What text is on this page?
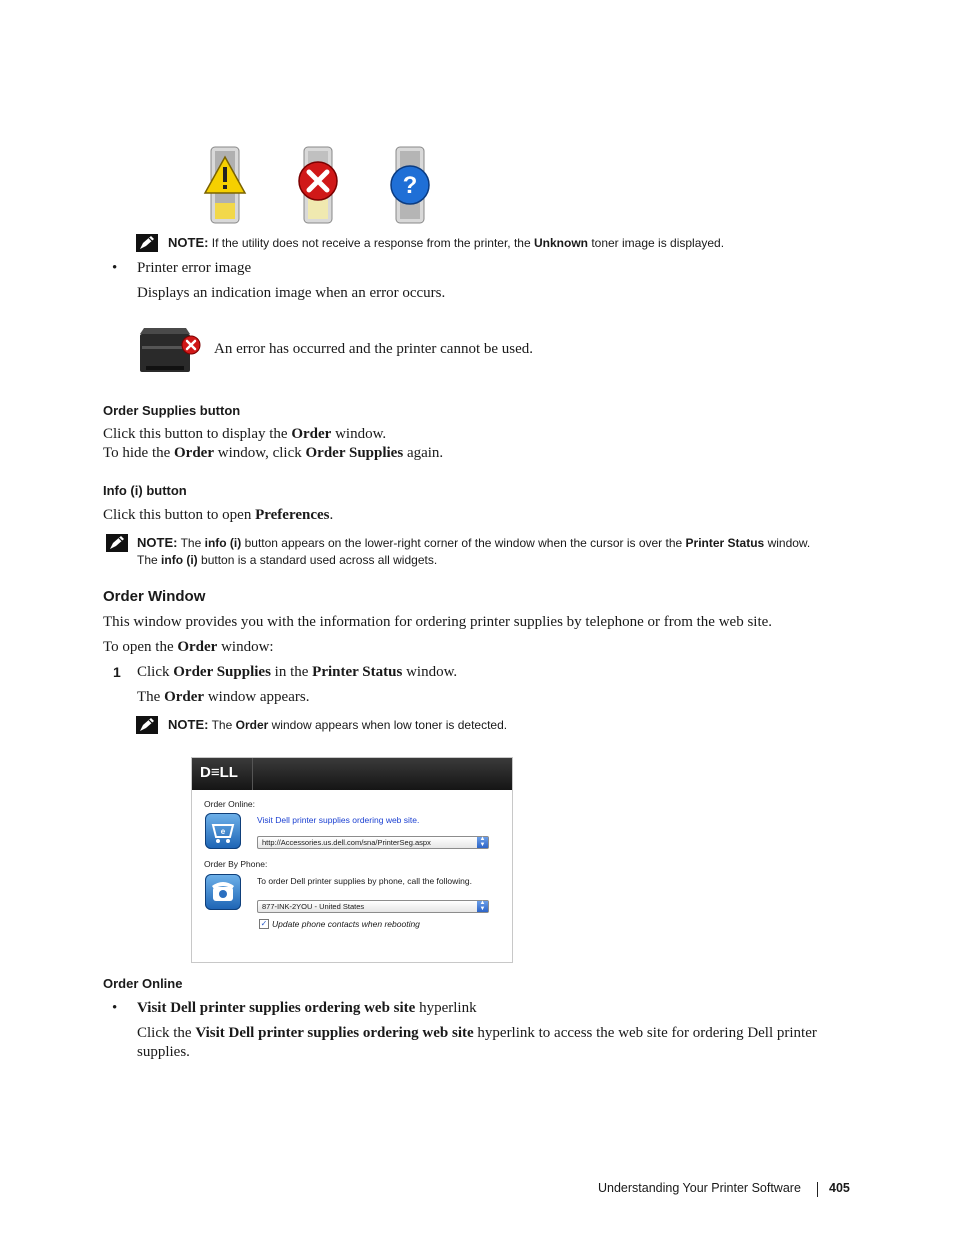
?
NOTE: If the utility does not receive a response from the printer, the Unknown toner image is displayed.
• Printer error image
Displays an indication image when an error occurs.
An error has occurred and the printer cannot be used.
Order Supplies button
Click this button to display the Order window.
To hide the Order window, click Order Supplies again.
Info (i) button
Click this button to open Preferences.
NOTE: The info (i) button appears on the lower-right corner of the window when the cursor is over the Printer Status window.
The info (i) button is a standard used across all widgets.
Order Window
This window provides you with the information for ordering printer supplies by telephone or from the web site.
To open the Order window:
1 Click Order Supplies in the Printer Status window.
The Order window appears.
NOTE: The Order window appears when low toner is detected.
D≡LL
Order Online:
e
Visit Dell printer supplies ordering web site.
http://Accessories.us.dell.com/sna/PrinterSeg.aspx	▲
▼
Order By Phone:
To order Dell printer supplies by phone, call the following.
877-INK-2YOU - United States	▲
▼
✓ Update phone contacts when rebooting
Order Online
• Visit Dell printer supplies ordering web site hyperlink
Click the Visit Dell printer supplies ordering web site hyperlink to access the web site for ordering Dell printer
supplies.
Understanding Your Printer Software 405
